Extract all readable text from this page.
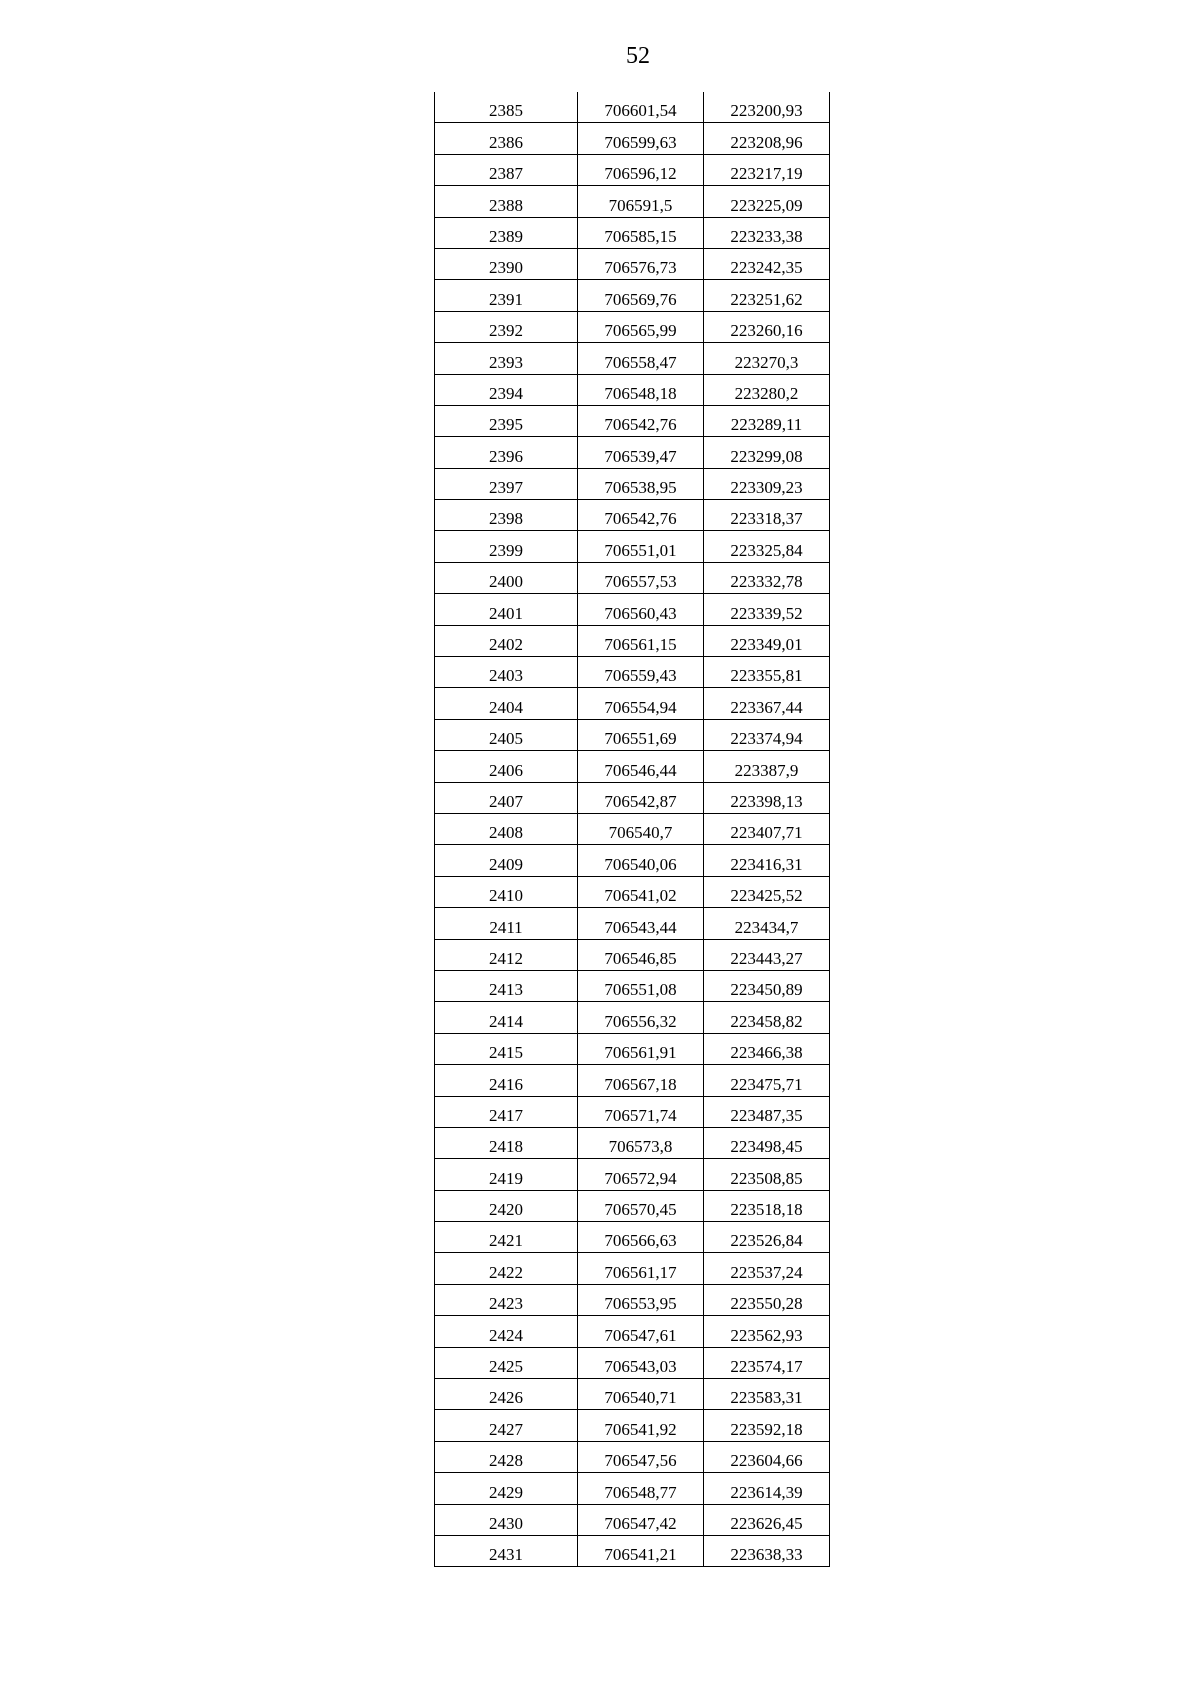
52
2385	706601,54	223200,93
2386	706599,63	223208,96
2387	706596,12	223217,19
2388	706591,5	223225,09
2389	706585,15	223233,38
2390	706576,73	223242,35
2391	706569,76	223251,62
2392	706565,99	223260,16
2393	706558,47	223270,3
2394	706548,18	223280,2
2395	706542,76	223289,11
2396	706539,47	223299,08
2397	706538,95	223309,23
2398	706542,76	223318,37
2399	706551,01	223325,84
2400	706557,53	223332,78
2401	706560,43	223339,52
2402	706561,15	223349,01
2403	706559,43	223355,81
2404	706554,94	223367,44
2405	706551,69	223374,94
2406	706546,44	223387,9
2407	706542,87	223398,13
2408	706540,7	223407,71
2409	706540,06	223416,31
2410	706541,02	223425,52
2411	706543,44	223434,7
2412	706546,85	223443,27
2413	706551,08	223450,89
2414	706556,32	223458,82
2415	706561,91	223466,38
2416	706567,18	223475,71
2417	706571,74	223487,35
2418	706573,8	223498,45
2419	706572,94	223508,85
2420	706570,45	223518,18
2421	706566,63	223526,84
2422	706561,17	223537,24
2423	706553,95	223550,28
2424	706547,61	223562,93
2425	706543,03	223574,17
2426	706540,71	223583,31
2427	706541,92	223592,18
2428	706547,56	223604,66
2429	706548,77	223614,39
2430	706547,42	223626,45
2431	706541,21	223638,33
